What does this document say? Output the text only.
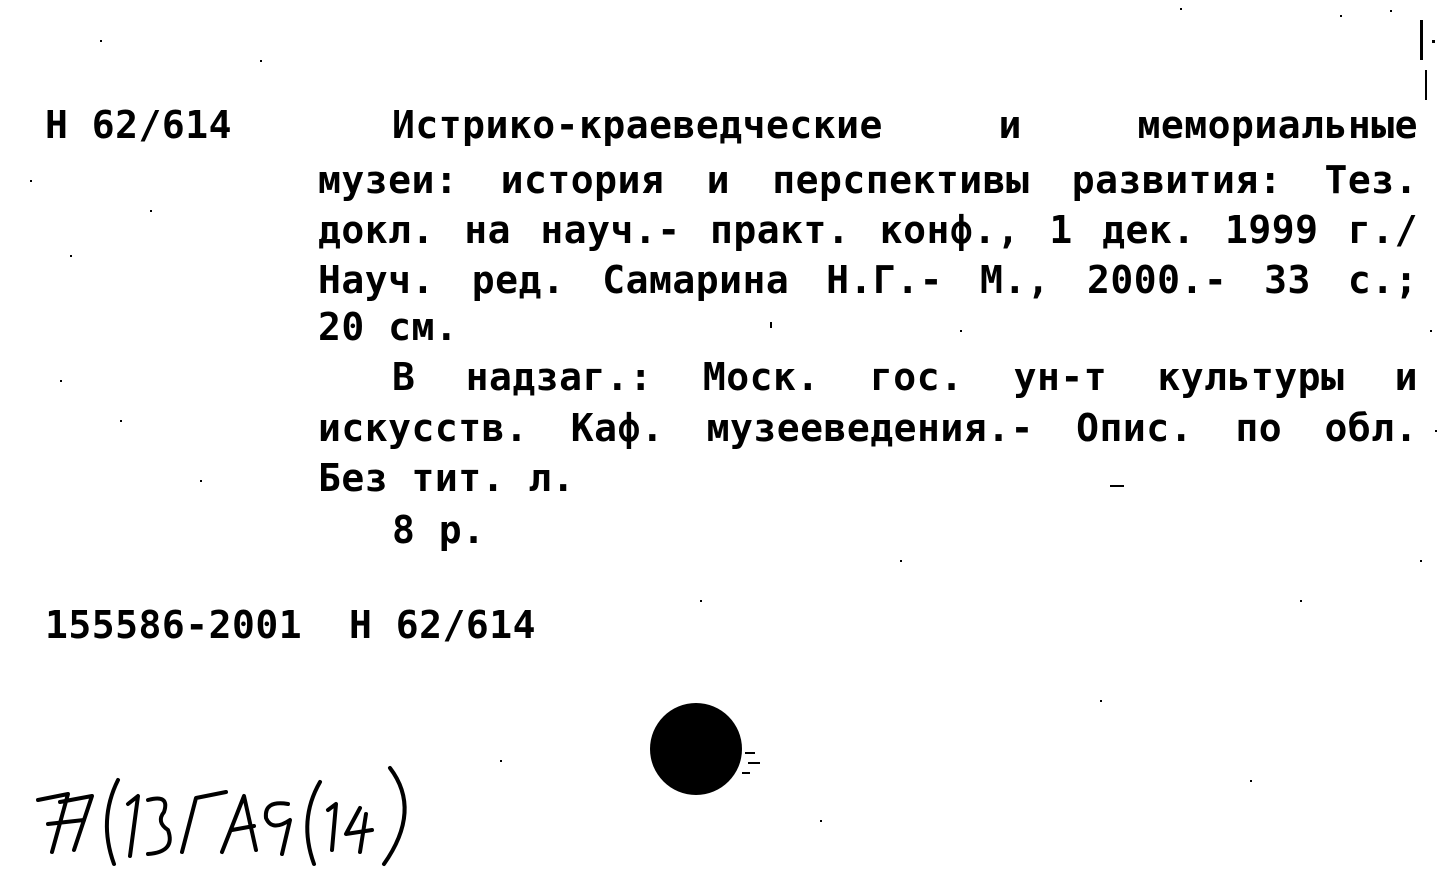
Н 62/614	Истрико-краеведческие и мемориальные
музеи: история и перспективы развития: Тез.
докл. на науч.- практ. конф., 1 дек. 1999 г./
Науч. ред. Самарина Н.Г.- М., 2000.- 33 с.;
20 см.
В надзаг.: Моск. гос. ун-т культуры и
искусств. Каф. музееведения.- Опис. по обл.
Без тит. л.
8 р.
155586-2001 Н 62/614
